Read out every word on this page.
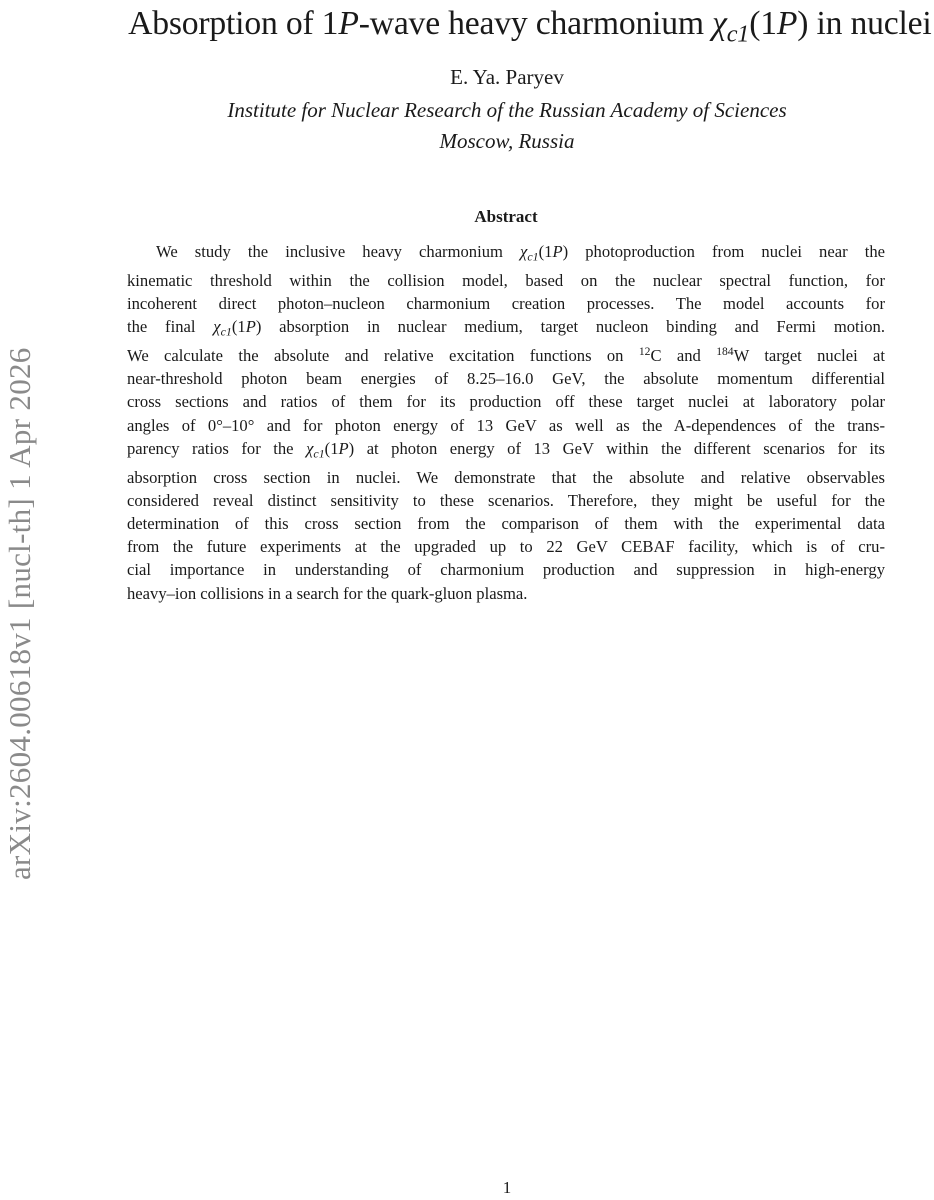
Absorption of 1P-wave heavy charmonium $\chi_{c1}(1P)$ in nuclei
E. Ya. Paryev
Institute for Nuclear Research of the Russian Academy of Sciences
Moscow, Russia
Abstract
We study the inclusive heavy charmonium $\chi_{c1}(1P)$ photoproduction from nuclei near the
kinematic threshold within the collision model, based on the nuclear spectral function, for
incoherent direct photon–nucleon charmonium creation processes. The model accounts for
the final $\chi_{c1}(1P)$ absorption in nuclear medium, target nucleon binding and Fermi motion.
We calculate the absolute and relative excitation functions on $^{12}$C and $^{184}$W target nuclei at
near-threshold photon beam energies of 8.25–16.0 GeV, the absolute momentum differential
cross sections and ratios of them for its production off these target nuclei at laboratory polar
angles of 0°–10° and for photon energy of 13 GeV as well as the A-dependences of the trans-
parency ratios for the $\chi_{c1}(1P)$ at photon energy of 13 GeV within the different scenarios for its
absorption cross section in nuclei. We demonstrate that the absolute and relative observables
considered reveal distinct sensitivity to these scenarios. Therefore, they might be useful for the
determination of this cross section from the comparison of them with the experimental data
from the future experiments at the upgraded up to 22 GeV CEBAF facility, which is of cru-
cial importance in understanding of charmonium production and suppression in high-energy
heavy–ion collisions in a search for the quark-gluon plasma.
arXiv:2604.00618v1 [nucl-th] 1 Apr 2026
1
